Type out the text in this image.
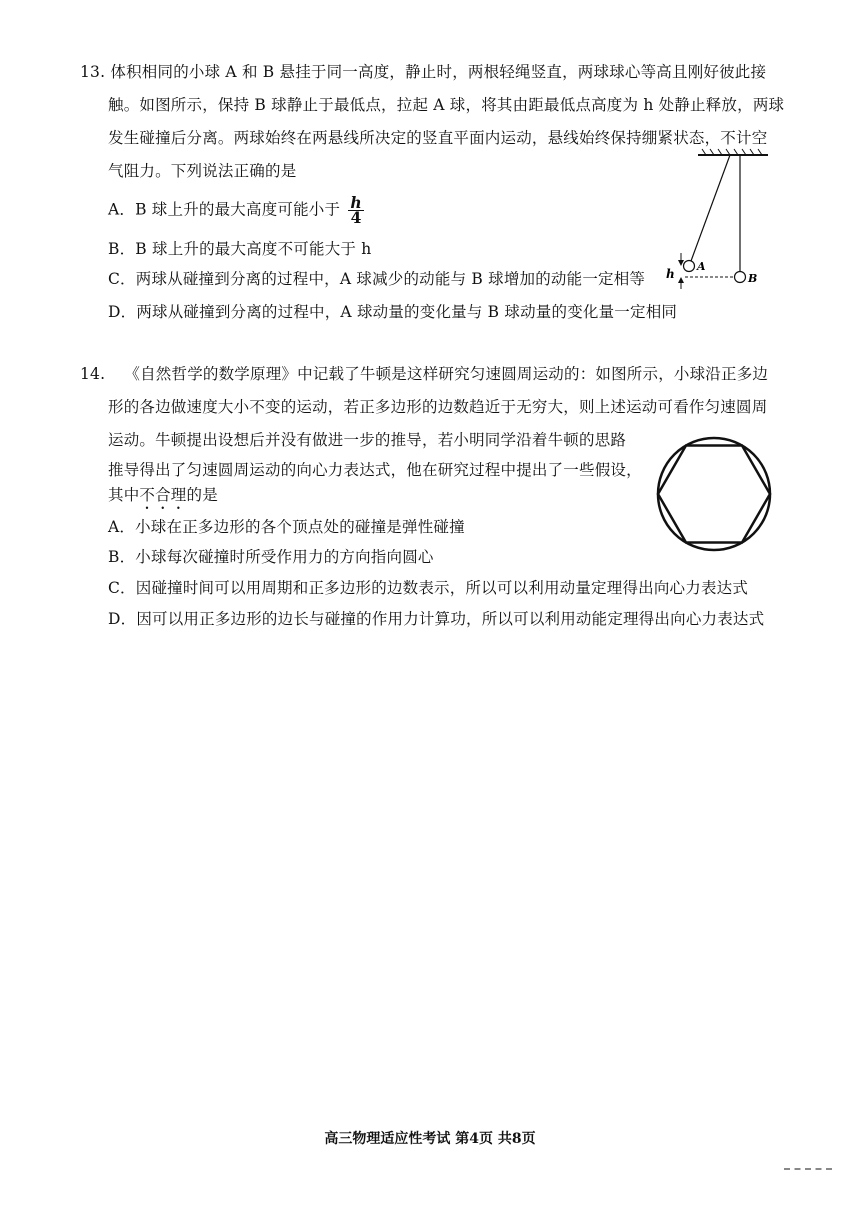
13. 体积相同的小球 A 和 B 悬挂于同一高度，静止时，两根轻绳竖直，两球球心等高且刚好彼此接
触。如图所示，保持 B 球静止于最低点，拉起 A 球，将其由距最低点高度为 h 处静止释放，两球
发生碰撞后分离。两球始终在两悬线所决定的竖直平面内运动，悬线始终保持绷紧状态，不计空
气阻力。下列说法正确的是
A．B 球上升的最大高度可能小于 $\frac{h}{4}$
B．B 球上升的最大高度不可能大于 h
C．两球从碰撞到分离的过程中，A 球减少的动能与 B 球增加的动能一定相等
D．两球从碰撞到分离的过程中，A 球动量的变化量与 B 球动量的变化量一定相同
h
A
B
14. 《自然哲学的数学原理》中记载了牛顿是这样研究匀速圆周运动的：如图所示，小球沿正多边
形的各边做速度大小不变的运动，若正多边形的边数趋近于无穷大，则上述运动可看作匀速圆周
运动。牛顿提出设想后并没有做进一步的推导，若小明同学沿着牛顿的思路
推导得出了匀速圆周运动的向心力表达式，他在研究过程中提出了一些假设，
其中不合理的是
A．小球在正多边形的各个顶点处的碰撞是弹性碰撞
B．小球每次碰撞时所受作用力的方向指向圆心
C．因碰撞时间可以用周期和正多边形的边数表示，所以可以利用动量定理得出向心力表达式
D．因可以用正多边形的边长与碰撞的作用力计算功，所以可以利用动能定理得出向心力表达式
高三物理适应性考试 第4页 共8页
